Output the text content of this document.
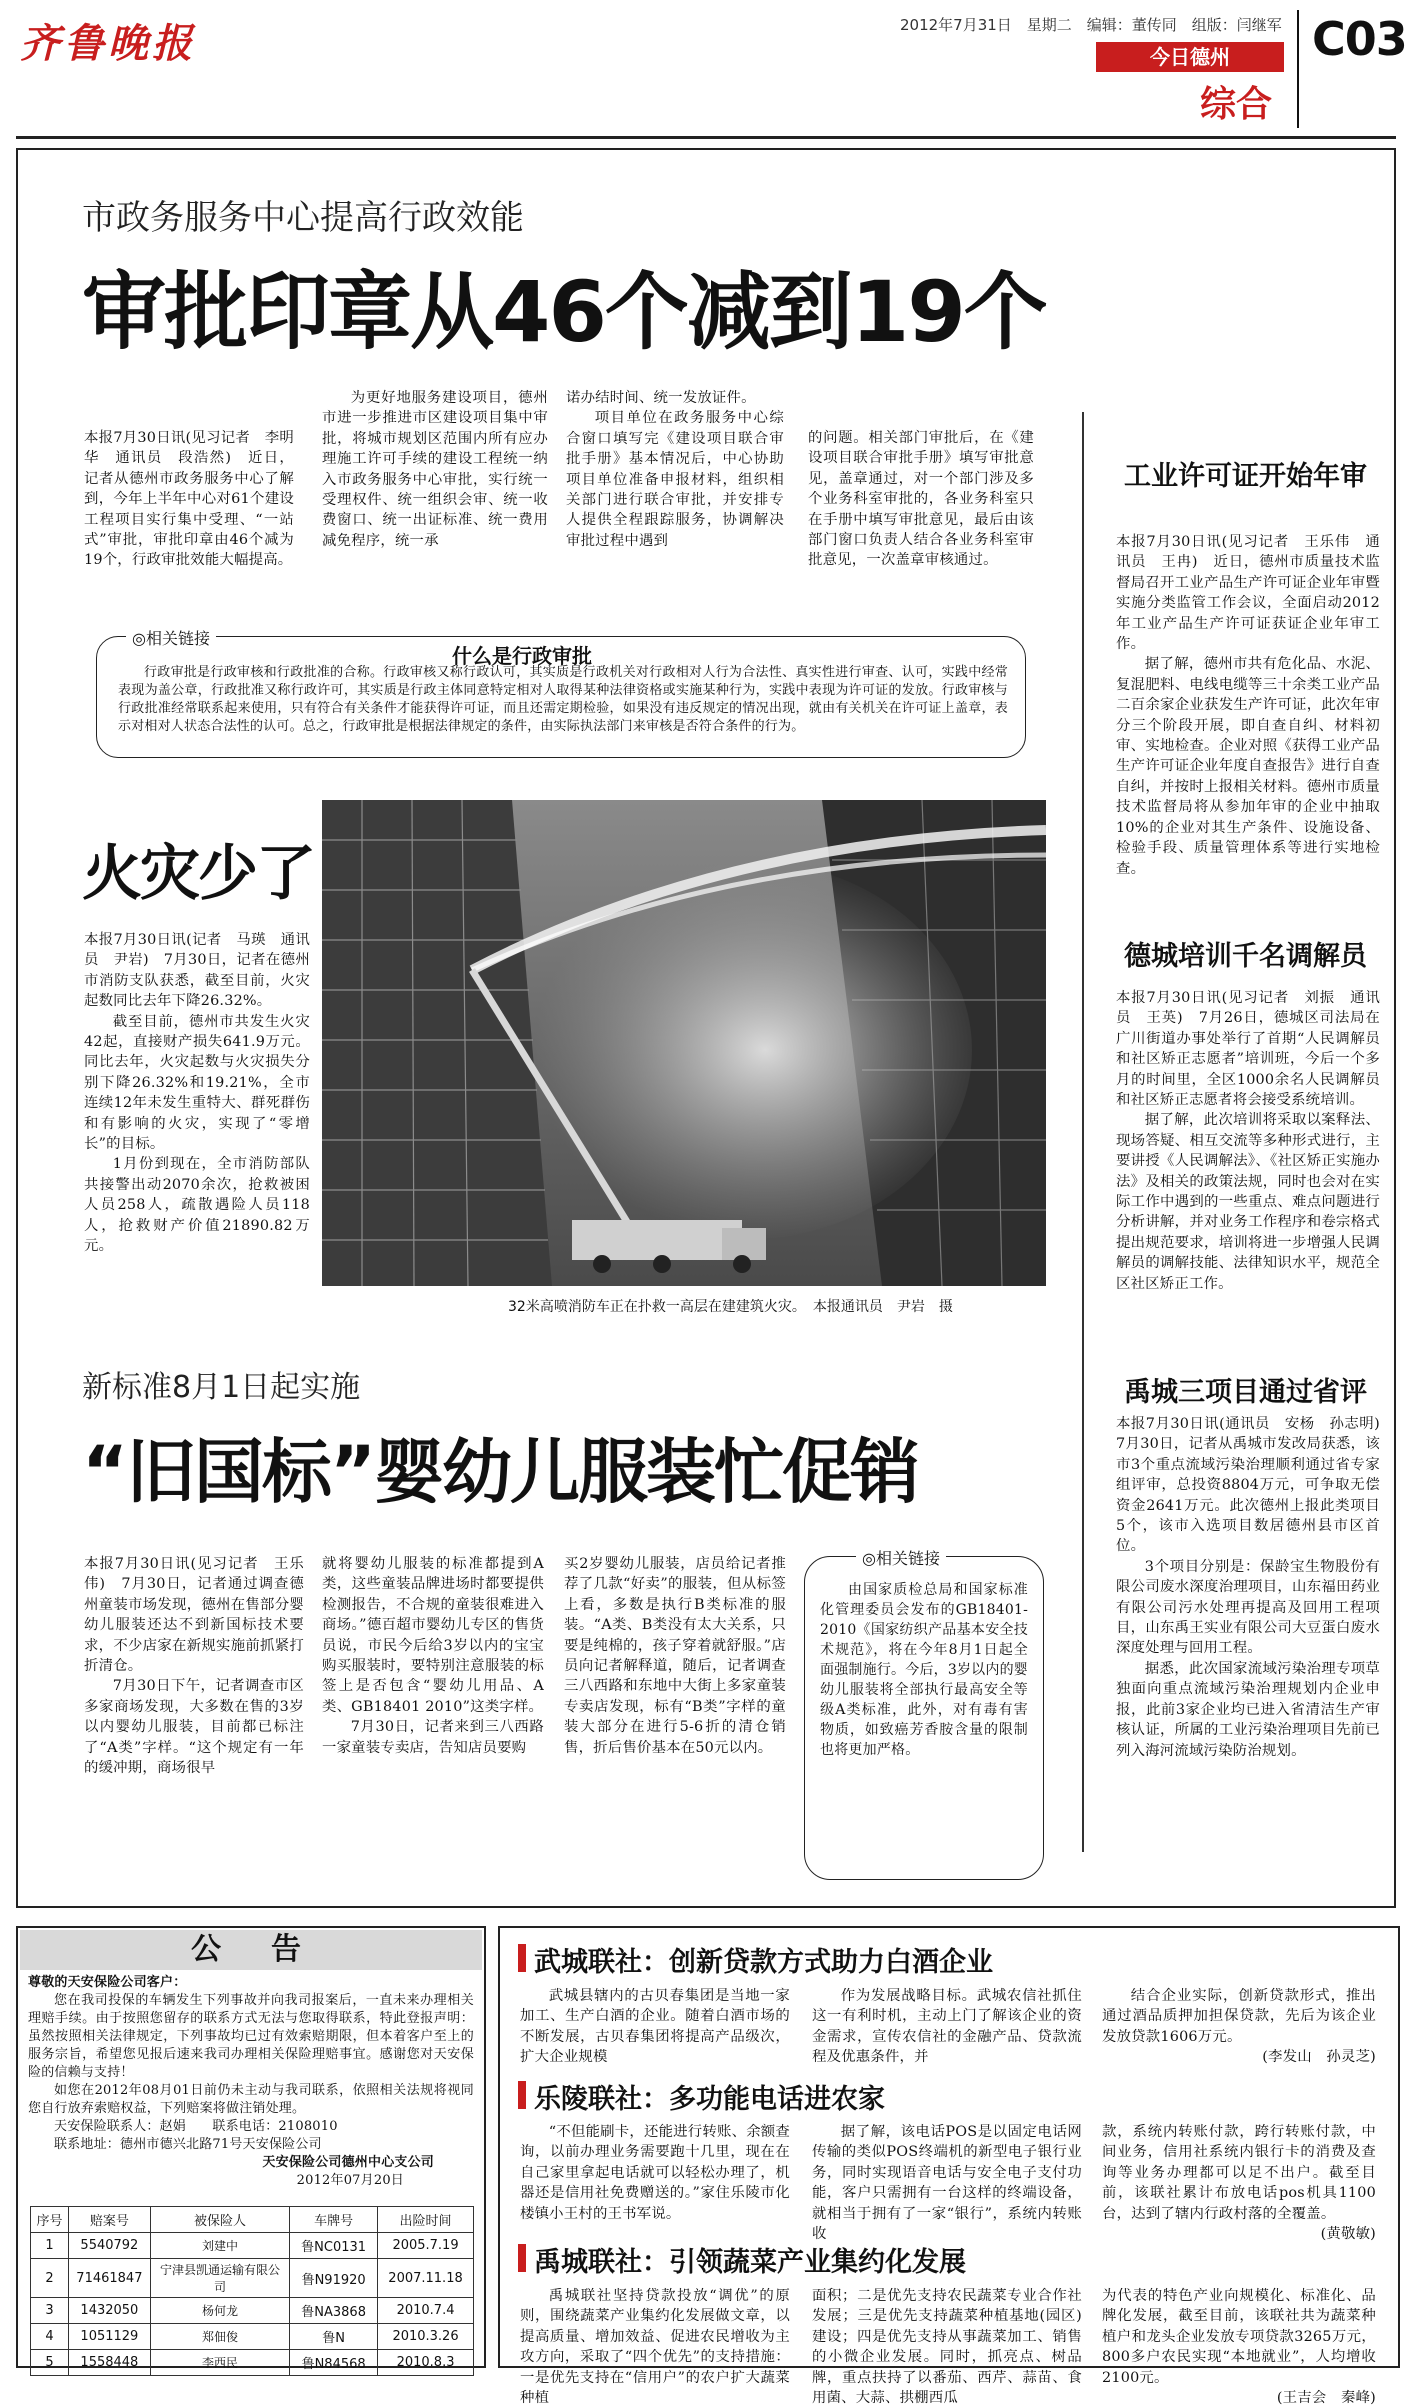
齐鲁晚报	2012年7月31日　星期二　编辑：董传同　组版：闫继军 C03
今日德州
综合
市政务服务中心提高行政效能
审批印章从46个减到19个

本报7月30日讯(见习记者　李明华　通讯员　段浩然)　近日，记者从德州市政务服务中心了解到，今年上半年中心对61个建设工程项目实行集中受理、“一站式”审批，审批印章由46个减为19个，行政审批效能大幅提高。

为更好地服务建设项目，德州市进一步推进市区建设项目集中审批，将城市规划区范围内所有应办理施工许可手续的建设工程统一纳入市政务服务中心审批，实行统一受理权件、统一组织会审、统一收费窗口、统一出证标准、统一费用减免程序，统一承

诺办结时间、统一发放证件。

项目单位在政务服务中心综合窗口填写完《建设项目联合审批手册》基本情况后，中心协助项目单位准备申报材料，组织相关部门进行联合审批，并安排专人提供全程跟踪服务，协调解决审批过程中遇到

的问题。相关部门审批后，在《建设项目联合审批手册》填写审批意见，盖章通过，对一个部门涉及多个业务科室审批的，各业务科室只在手册中填写审批意见，最后由该部门窗口负责人结合各业务科室审批意见，一次盖章审核通过。

◎相关链接
什么是行政审批

行政审批是行政审核和行政批准的合称。行政审核又称行政认可，其实质是行政机关对行政相对人行为合法性、真实性进行审查、认可，实践中经常表现为盖公章，行政批准又称行政许可，其实质是行政主体同意特定相对人取得某种法律资格或实施某种行为，实践中表现为许可证的发放。行政审核与行政批准经常联系起来使用，只有符合有关条件才能获得许可证，而且还需定期检验，如果没有违反规定的情况出现，就由有关机关在许可证上盖章，表示对相对人状态合法性的认可。总之，行政审批是根据法律规定的条件，由实际执法部门来审核是否符合条件的行为。

火灾少了

本报7月30日讯(记者　马瑛　通讯员　尹岩)　7月30日，记者在德州市消防支队获悉，截至目前，火灾起数同比去年下降26.32%。

截至目前，德州市共发生火灾42起，直接财产损失641.9万元。同比去年，火灾起数与火灾损失分别下降26.32%和19.21%，全市连续12年未发生重特大、群死群伤和有影响的火灾，实现了“零增长”的目标。

1月份到现在，全市消防部队共接警出动2070余次，抢救被困人员258人，疏散遇险人员118人，抢救财产价值21890.82万元。

32米高喷消防车正在扑救一高层在建建筑火灾。　本报通讯员　尹岩　摄
新标准8月1日起实施
“旧国标”婴幼儿服装忙促销

本报7月30日讯(见习记者　王乐伟)　7月30日，记者通过调查德州童装市场发现，德州在售部分婴幼儿服装还达不到新国标技术要求，不少店家在新规实施前抓紧打折清仓。

7月30日下午，记者调查市区多家商场发现，大多数在售的3岁以内婴幼儿服装，目前都已标注了“A类”字样。“这个规定有一年的缓冲期，商场很早

就将婴幼儿服装的标准都提到A类，这些童装品牌进场时都要提供检测报告，不合规的童装很难进入商场。”德百超市婴幼儿专区的售货员说，市民今后给3岁以内的宝宝购买服装时，要特别注意服装的标签上是否包含“婴幼儿用品、A类、GB18401 2010”这类字样。

7月30日，记者来到三八西路一家童装专卖店，告知店员要购

买2岁婴幼儿服装，店员给记者推荐了几款“好卖”的服装，但从标签上看，多数是执行B类标准的服装。“A类、B类没有太大关系，只要是纯棉的，孩子穿着就舒服。”店员向记者解释道，随后，记者调查三八西路和东地中大街上多家童装专卖店发现，标有“B类”字样的童装大部分在进行5-6折的清仓销售，折后售价基本在50元以内。

◎相关链接

由国家质检总局和国家标准化管理委员会发布的GB18401-2010《国家纺织产品基本安全技术规范》，将在今年8月1日起全面强制施行。今后，3岁以内的婴幼儿服装将全部执行最高安全等级A类标准，此外，对有毒有害物质，如致癌芳香胺含量的限制也将更加严格。

工业许可证开始年审

本报7月30日讯(见习记者　王乐伟　通讯员　王冉)　近日，德州市质量技术监督局召开工业产品生产许可证企业年审暨实施分类监管工作会议，全面启动2012年工业产品生产许可证获证企业年审工作。

据了解，德州市共有危化品、水泥、复混肥料、电线电缆等三十余类工业产品二百余家企业获发生产许可证，此次年审分三个阶段开展，即自查自纠、材料初审、实地检查。企业对照《获得工业产品生产许可证企业年度自查报告》进行自查自纠，并按时上报相关材料。德州市质量技术监督局将从参加年审的企业中抽取10%的企业对其生产条件、设施设备、检验手段、质量管理体系等进行实地检查。

德城培训千名调解员

本报7月30日讯(见习记者　刘振　通讯员　王英)　7月26日，德城区司法局在广川街道办事处举行了首期“人民调解员和社区矫正志愿者”培训班，今后一个多月的时间里，全区1000余名人民调解员和社区矫正志愿者将会接受系统培训。

据了解，此次培训将采取以案释法、现场答疑、相互交流等多种形式进行，主要讲授《人民调解法》、《社区矫正实施办法》及相关的政策法规，同时也会对在实际工作中遇到的一些重点、难点问题进行分析讲解，并对业务工作程序和卷宗格式提出规范要求，培训将进一步增强人民调解员的调解技能、法律知识水平，规范全区社区矫正工作。

禹城三项目通过省评

本报7月30日讯(通讯员　安杨　孙志明)　7月30日，记者从禹城市发改局获悉，该市3个重点流域污染治理顺利通过省专家组评审，总投资8804万元，可争取无偿资金2641万元。此次德州上报此类项目5个，该市入选项目数居德州县市区首位。

3个项目分别是：保龄宝生物股份有限公司废水深度治理项目，山东福田药业有限公司污水处理再提高及回用工程项目，山东禹王实业有限公司大豆蛋白废水深度处理与回用工程。

据悉，此次国家流域污染治理专项草独面向重点流域污染治理规划内企业申报，此前3家企业均已进入省清洁生产审核认证，所属的工业污染治理项目先前已列入海河流域污染防治规划。

公　告

尊敬的天安保险公司客户：

您在我司投保的车辆发生下列事故并向我司报案后，一直未来办理相关理赔手续。由于按照您留存的联系方式无法与您取得联系，特此登报声明：虽然按照相关法律规定，下列事故均已过有效索赔期限，但本着客户至上的服务宗旨，希望您见报后速来我司办理相关保险理赔事宜。感谢您对天安保险的信赖与支持！

如您在2012年08月01日前仍未主动与我司联系，依照相关法规将视同您自行放弃索赔权益，下列赔案将做注销处理。

天安保险联系人：赵娟　　联系电话：2108010

联系地址：德州市德兴北路71号天安保险公司

天安保险公司德州中心支公司

2012年07月20日

序号	赔案号	被保险人	车牌号	出险时间
1	5540792	刘建中	鲁NC0131	2005.7.19
2	71461847	宁津县凯通运输有限公司	鲁N91920	2007.11.18
3	1432050	杨何龙	鲁NA3868	2010.7.4
4	1051129	郑佃俊	鲁N	2010.3.26
5	1558448	李西民	鲁N84568	2010.8.3
武城联社：创新贷款方式助力白酒企业

武城县辖内的古贝春集团是当地一家加工、生产白酒的企业。随着白酒市场的不断发展，古贝春集团将提高产品级次，扩大企业规模

作为发展战略目标。武城农信社抓住这一有利时机，主动上门了解该企业的资金需求，宣传农信社的金融产品、贷款流程及优惠条件，并

结合企业实际，创新贷款形式，推出通过酒品质押加担保贷款，先后为该企业发放贷款1606万元。

(李发山　孙灵芝)

乐陵联社：多功能电话进农家

“不但能刷卡，还能进行转账、余额查询，以前办理业务需要跑十几里，现在在自己家里拿起电话就可以轻松办理了，机器还是信用社免费赠送的。”家住乐陵市化楼镇小王村的王书军说。

据了解，该电话POS是以固定电话网传输的类似POS终端机的新型电子银行业务，同时实现语音电话与安全电子支付功能，客户只需拥有一台这样的终端设备，就相当于拥有了一家“银行”，系统内转账收

款，系统内转账付款，跨行转账付款，中间业务，信用社系统内银行卡的消费及查询等业务办理都可以足不出户。截至目前，该联社累计布放电话pos机具1100台，达到了辖内行政村落的全覆盖。

(黄敬敏)

禹城联社：引领蔬菜产业集约化发展

禹城联社坚持贷款投放“调优”的原则，围绕蔬菜产业集约化发展做文章，以提高质量、增加效益、促进农民增收为主攻方向，采取了“四个优先”的支持措施：一是优先支持在“信用户”的农户扩大蔬菜种植

面积；二是优先支持农民蔬菜专业合作社发展；三是优先支持蔬菜种植基地(园区)建设；四是优先支持从事蔬菜加工、销售的小微企业发展。同时，抓亮点、树品牌，重点扶持了以番茄、西芹、蒜苗、食用菌、大蒜、拱棚西瓜

为代表的特色产业向规模化、标准化、品牌化发展，截至目前，该联社共为蔬菜种植户和龙头企业发放专项贷款3265万元，800多户农民实现“本地就业”，人均增收2100元。

(王吉会　秦峰)
